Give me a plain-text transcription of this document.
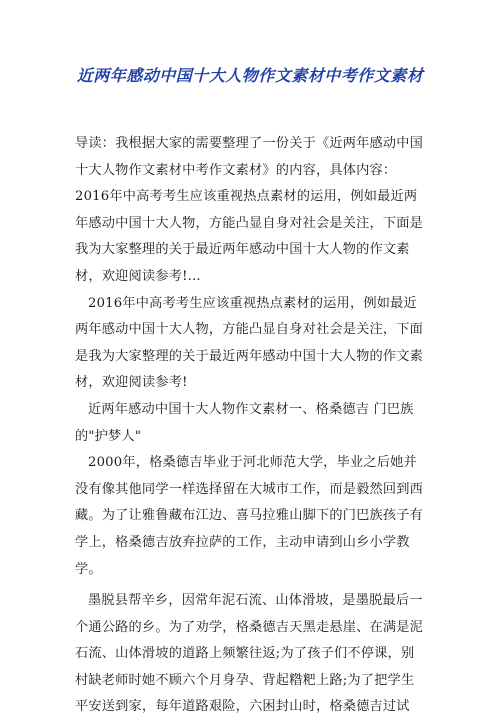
近两年感动中国十大人物作文素材中考作文素材

导读：我根据大家的需要整理了一份关于《近两年感动中国十大人物作文素材中考作文素材》的内容，具体内容：2016年中高考考生应该重视热点素材的运用，例如最近两年感动中国十大人物，方能凸显自身对社会是关注，下面是我为大家整理的关于最近两年感动中国十大人物的作文素材，欢迎阅读参考!...

2016年中高考考生应该重视热点素材的运用，例如最近两年感动中国十大人物，方能凸显自身对社会是关注，下面是我为大家整理的关于最近两年感动中国十大人物的作文素材，欢迎阅读参考!

近两年感动中国十大人物作文素材一、格桑德吉 门巴族的"护梦人"

2000年，格桑德吉毕业于河北师范大学，毕业之后她并没有像其他同学一样选择留在大城市工作，而是毅然回到西藏。为了让雅鲁藏布江边、喜马拉雅山脚下的门巴族孩子有学上，格桑德吉放弃拉萨的工作，主动申请到山乡小学教学。

墨脱县帮辛乡，因常年泥石流、山体滑坡，是墨脱最后一个通公路的乡。为了劝学，格桑德吉天黑走悬崖、在满是泥石流、山体滑坡的道路上频繁往返;为了孩子们不停课，别村缺老师时她不顾六个月身孕、背起糌粑上路;为了把学生平安送到家，每年道路艰险，六困封山时，格桑德吉过试
